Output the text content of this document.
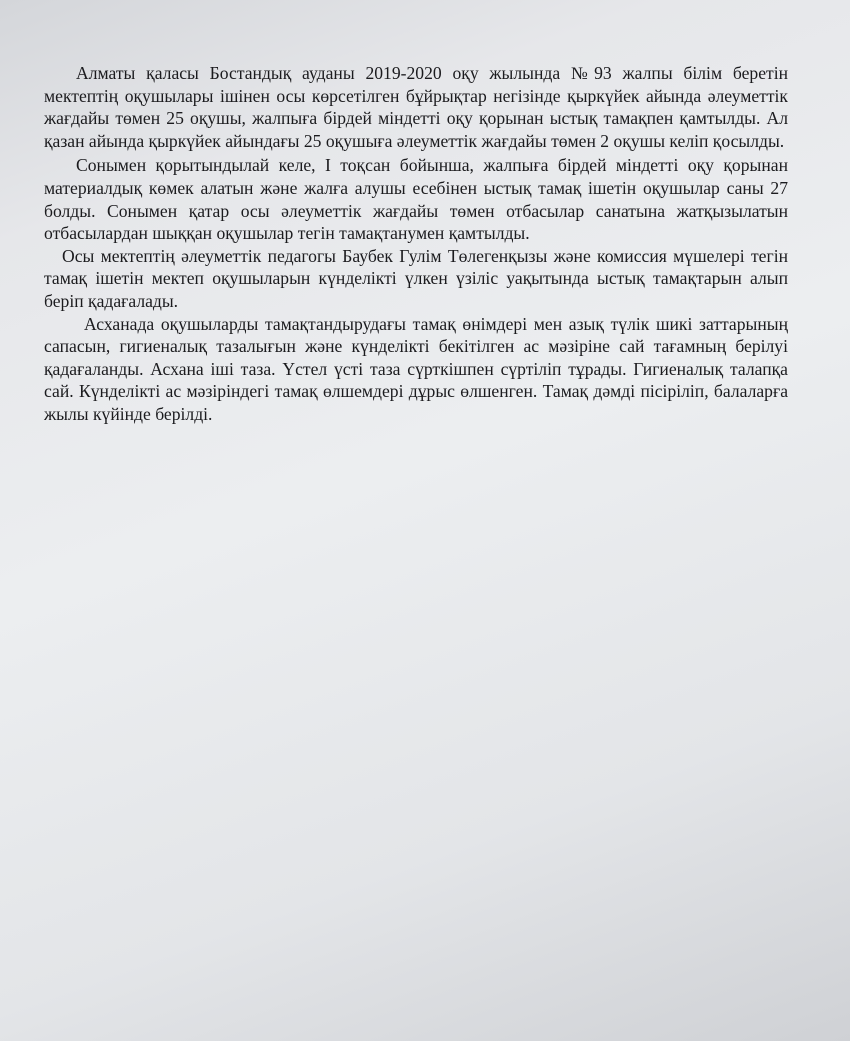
Алматы қаласы Бостандық ауданы 2019-2020 оқу жылында №93 жалпы білім беретін мектептің оқушылары ішінен осы көрсетілген бұйрықтар негізінде қыркүйек айында әлеуметтік жағдайы төмен 25 оқушы, жалпыға бірдей міндетті оқу қорынан ыстық тамақпен қамтылды. Ал қазан айында қыркүйек айындағы 25 оқушыға әлеуметтік жағдайы төмен 2 оқушы келіп қосылды.

Сонымен қорытындылай келе, I тоқсан бойынша, жалпыға бірдей міндетті оқу қорынан материалдық көмек алатын және жалға алушы есебінен ыстық тамақ ішетін оқушылар саны 27 болды. Сонымен қатар осы әлеуметтік жағдайы төмен отбасылар санатына жатқызылатын отбасылардан шыққан оқушылар тегін тамақтанумен қамтылды.

Осы мектептің әлеуметтік педагогы Баубек Гулім Төлегенқызы және комиссия мүшелері тегін тамақ ішетін мектеп оқушыларын күнделікті үлкен үзіліс уақытында ыстық тамақтарын алып беріп қадағалады.

Асханада оқушыларды тамақтандырудағы тамақ өнімдері мен азық түлік шикі заттарының сапасын, гигиеналық тазалығын және күнделікті бекітілген ас мәзіріне сай тағамның берілуі қадағаланды. Асхана іші таза. Үстел үсті таза сүрткішпен сүртіліп тұрады. Гигиеналық талапқа сай. Күнделікті ас мәзіріндегі тамақ өлшемдері дұрыс өлшенген. Тамақ дәмді пісіріліп, балаларға жылы күйінде берілді.
